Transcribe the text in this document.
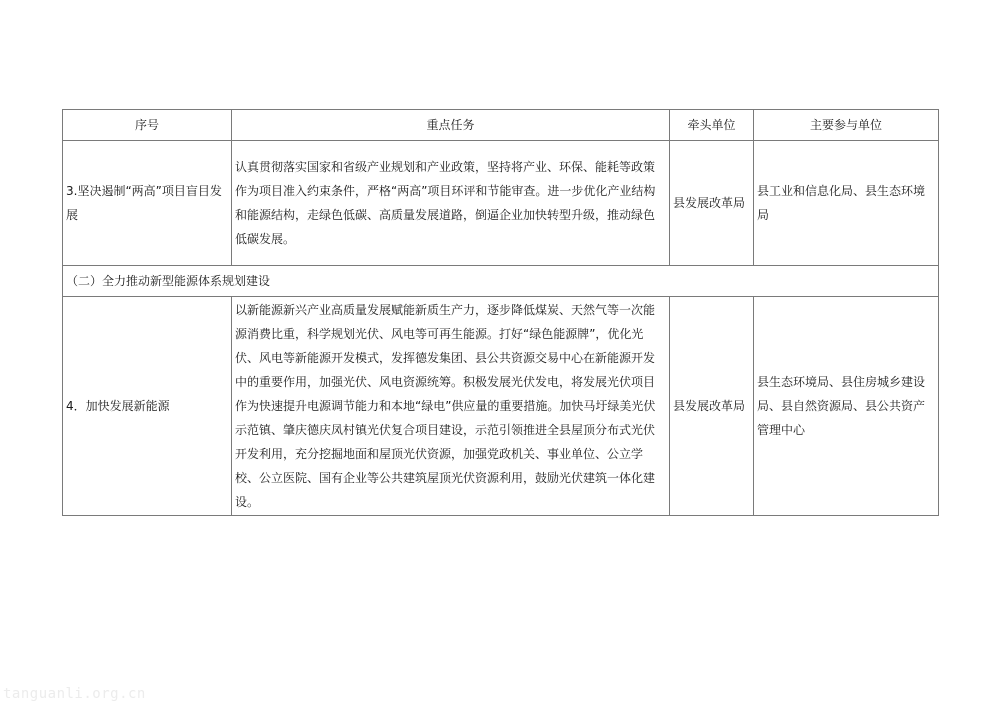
序号	重点任务	牵头单位	主要参与单位
3.坚决遏制“两高”项目盲目发展	认真贯彻落实国家和省级产业规划和产业政策，坚持将产业、环保、能耗等政策作为项目准入约束条件，严格“两高”项目环评和节能审查。进一步优化产业结构和能源结构，走绿色低碳、高质量发展道路，倒逼企业加快转型升级，推动绿色低碳发展。	县发展改革局	县工业和信息化局、县生态环境局
（二）全力推动新型能源体系规划建设			
4．加快发展新能源	以新能源新兴产业高质量发展赋能新质生产力，逐步降低煤炭、天然气等一次能源消费比重，科学规划光伏、风电等可再生能源。打好“绿色能源牌”，优化光伏、风电等新能源开发模式，发挥德发集团、县公共资源交易中心在新能源开发中的重要作用，加强光伏、风电资源统筹。积极发展光伏发电，将发展光伏项目作为快速提升电源调节能力和本地“绿电”供应量的重要措施。加快马圩绿美光伏示范镇、肇庆德庆凤村镇光伏复合项目建设，示范引领推进全县屋顶分布式光伏开发利用，充分挖掘地面和屋顶光伏资源，加强党政机关、事业单位、公立学校、公立医院、国有企业等公共建筑屋顶光伏资源利用，鼓励光伏建筑一体化建设。	县发展改革局	县生态环境局、县住房城乡建设局、县自然资源局、县公共资产管理中心
tanguanli.org.cn
